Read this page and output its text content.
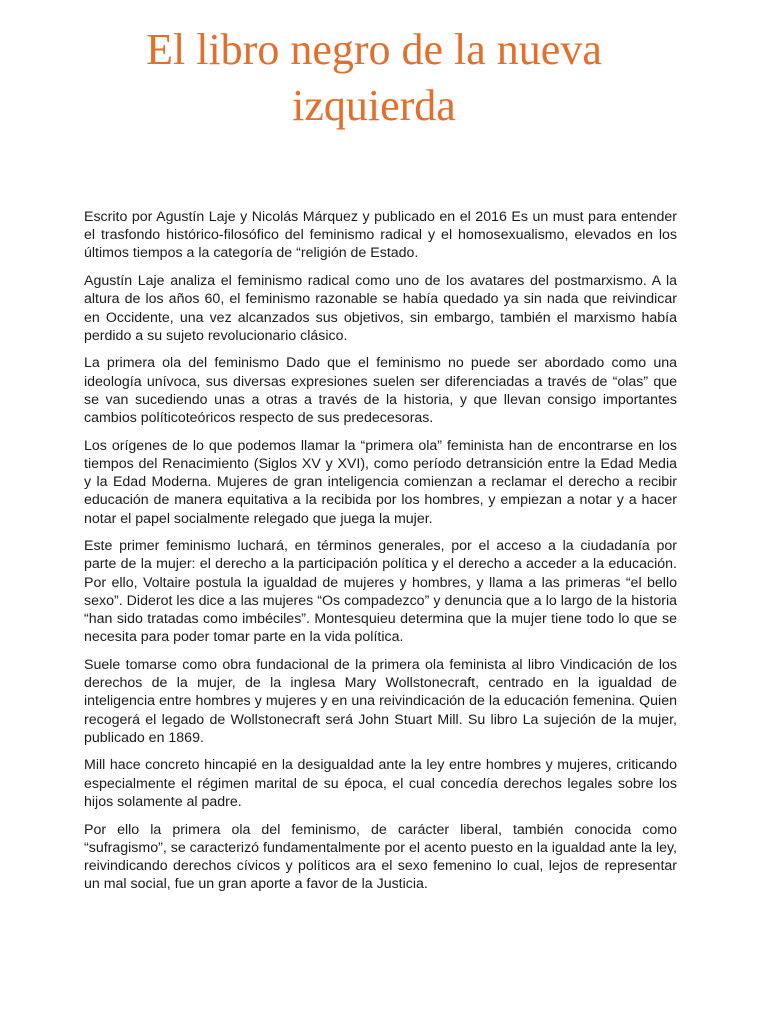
El libro negro de la nueva
izquierda

Escrito por Agustín Laje y Nicolás Márquez y publicado en el 2016 Es un must para entender el trasfondo histórico-filosófico del feminismo radical y el homosexualismo, elevados en los últimos tiempos a la categoría de “religión de Estado.

Agustín Laje analiza el feminismo radical como uno de los avatares del postmarxismo. A la altura de los años 60, el feminismo razonable se había quedado ya sin nada que reivindicar en Occidente, una vez alcanzados sus objetivos, sin embargo, también el marxismo había perdido a su sujeto revolucionario clásico.

La primera ola del feminismo Dado que el feminismo no puede ser abordado como una ideología unívoca, sus diversas expresiones suelen ser diferenciadas a través de “olas” que se van sucediendo unas a otras a través de la historia, y que llevan consigo importantes cambios políticoteóricos respecto de sus predecesoras.

Los orígenes de lo que podemos llamar la “primera ola” feminista han de encontrarse en los tiempos del Renacimiento (Siglos XV y XVI), como período detransición entre la Edad Media y la Edad Moderna. Mujeres de gran inteligencia comienzan a reclamar el derecho a recibir educación de manera equitativa a la recibida por los hombres, y empiezan a notar y a hacer notar el papel socialmente relegado que juega la mujer.

Este primer feminismo luchará, en términos generales, por el acceso a la ciudadanía por parte de la mujer: el derecho a la participación política y el derecho a acceder a la educación. Por ello, Voltaire postula la igualdad de mujeres y hombres, y llama a las primeras “el bello sexo”. Diderot les dice a las mujeres “Os compadezco” y denuncia que a lo largo de la historia “han sido tratadas como imbéciles”. Montesquieu determina que la mujer tiene todo lo que se necesita para poder tomar parte en la vida política.

Suele tomarse como obra fundacional de la primera ola feminista al libro Vindicación de los derechos de la mujer, de la inglesa Mary Wollstonecraft, centrado en la igualdad de inteligencia entre hombres y mujeres y en una reivindicación de la educación femenina. Quien recogerá el legado de Wollstonecraft será John Stuart Mill. Su libro La sujeción de la mujer, publicado en 1869.

Mill hace concreto hincapié en la desigualdad ante la ley entre hombres y mujeres, criticando especialmente el régimen marital de su época, el cual concedía derechos legales sobre los hijos solamente al padre.

Por ello la primera ola del feminismo, de carácter liberal, también conocida como “sufragismo”, se caracterizó fundamentalmente por el acento puesto en la igualdad ante la ley, reivindicando derechos cívicos y políticos ara el sexo femenino lo cual, lejos de representar un mal social, fue un gran aporte a favor de la Justicia.
